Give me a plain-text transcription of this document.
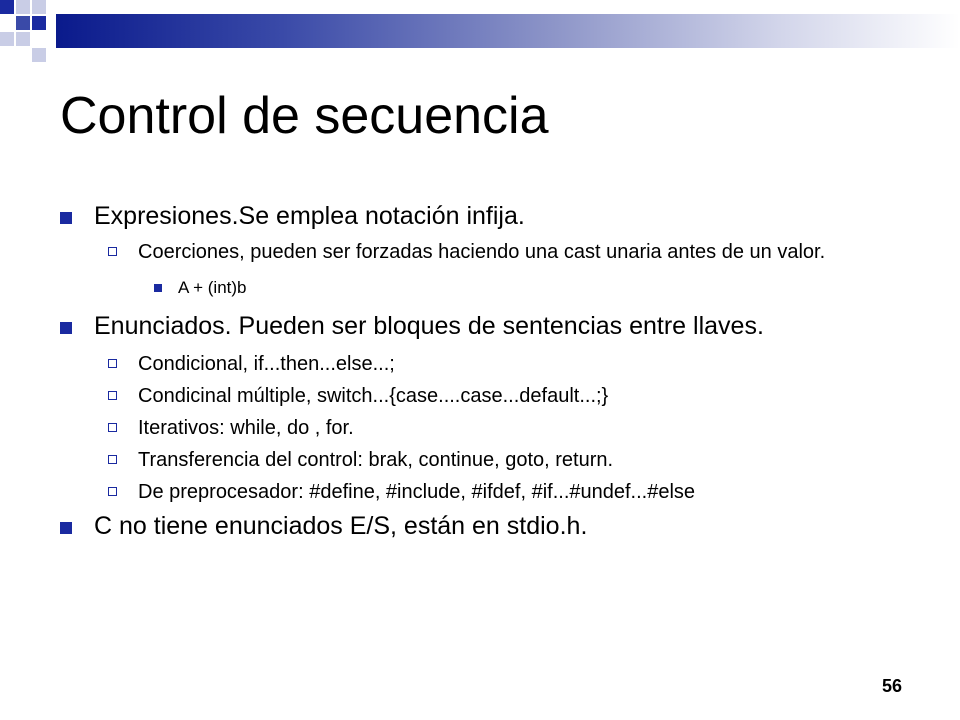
Control de secuencia
Expresiones.Se emplea notación infija.
Coerciones, pueden ser forzadas haciendo una cast unaria antes de un valor.
A + (int)b
Enunciados. Pueden ser bloques de sentencias entre llaves.
Condicional, if...then...else...;
Condicinal múltiple, switch...{case....case...default...;}
Iterativos: while, do , for.
Transferencia del control: brak, continue, goto, return.
De preprocesador: #define, #include, #ifdef, #if...#undef...#else
C no tiene enunciados E/S, están en stdio.h.
56
